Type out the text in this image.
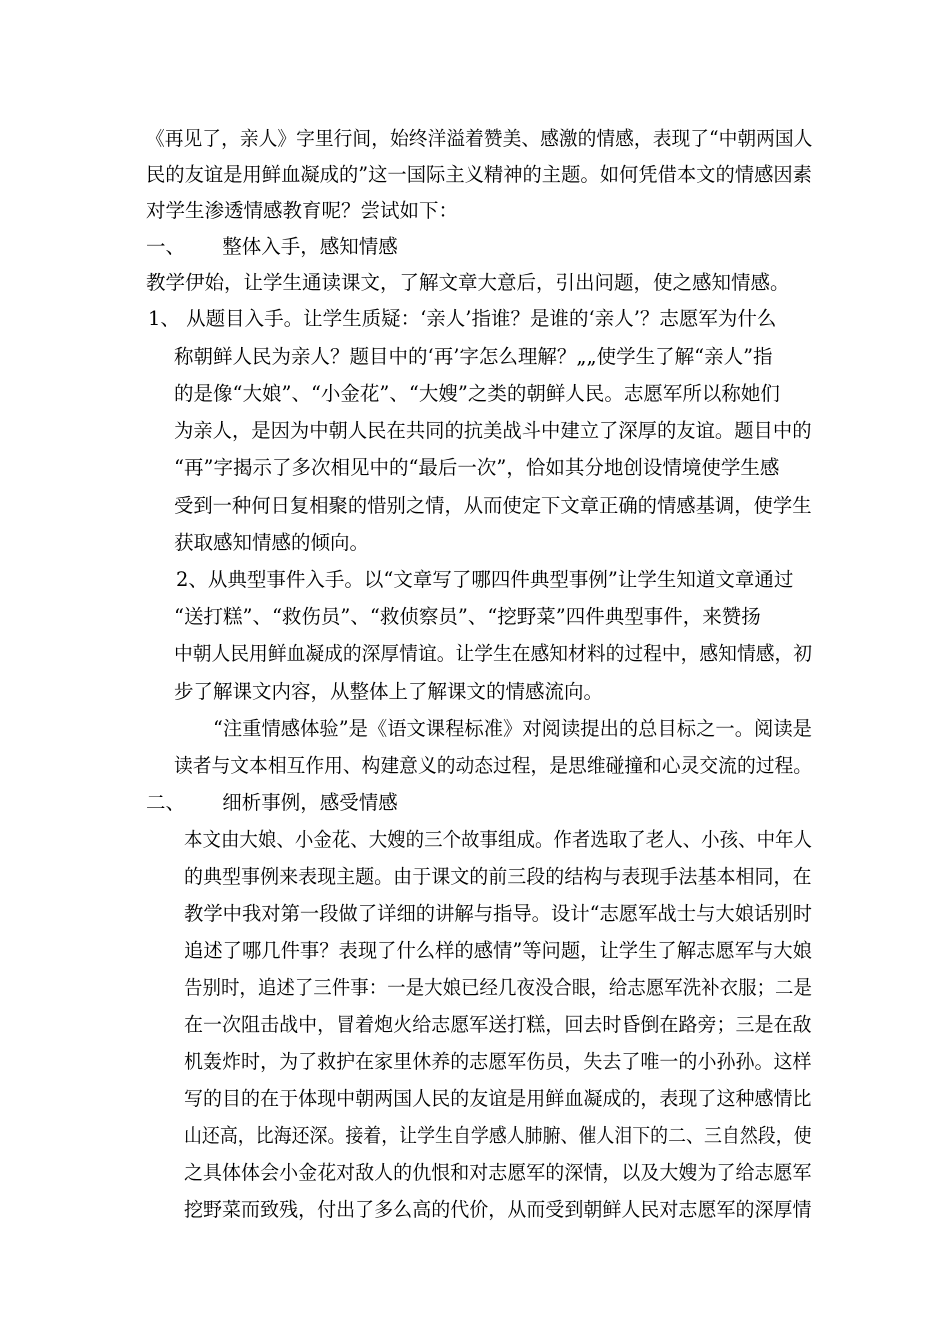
《再见了，亲人》字里行间，始终洋溢着赞美、感激的情感，表现了“中朝两国人
民的友谊是用鲜血凝成的”这一国际主义精神的主题。如何凭借本文的情感因素
对学生渗透情感教育呢？尝试如下：
一、      整体入手，感知情感
教学伊始，让学生通读课文，了解文章大意后，引出问题，使之感知情感。
1、 从题目入手。让学生质疑：‘亲人’指谁？是谁的‘亲人’？志愿军为什么
称朝鲜人民为亲人？题目中的‘再’字怎么理解？„„使学生了解“亲人”指
的是像“大娘”、“小金花”、“大嫂”之类的朝鲜人民。志愿军所以称她们
为亲人，是因为中朝人民在共同的抗美战斗中建立了深厚的友谊。题目中的
“再”字揭示了多次相见中的“最后一次”，恰如其分地创设情境使学生感
受到一种何日复相聚的惜别之情，从而使定下文章正确的情感基调，使学生
获取感知情感的倾向。
2、从典型事件入手。以“文章写了哪四件典型事例”让学生知道文章通过
“送打糕”、“救伤员”、“救侦察员”、“挖野菜”四件典型事件，来赞扬
中朝人民用鲜血凝成的深厚情谊。让学生在感知材料的过程中，感知情感，初
步了解课文内容，从整体上了解课文的情感流向。
“注重情感体验”是《语文课程标准》对阅读提出的总目标之一。阅读是
读者与文本相互作用、构建意义的动态过程，是思维碰撞和心灵交流的过程。
二、      细析事例，感受情感
本文由大娘、小金花、大嫂的三个故事组成。作者选取了老人、小孩、中年人
的典型事例来表现主题。由于课文的前三段的结构与表现手法基本相同，在
教学中我对第一段做了详细的讲解与指导。设计“志愿军战士与大娘话别时
追述了哪几件事？表现了什么样的感情”等问题，让学生了解志愿军与大娘
告别时，追述了三件事：一是大娘已经几夜没合眼，给志愿军洗补衣服；二是
在一次阻击战中，冒着炮火给志愿军送打糕，回去时昏倒在路旁；三是在敌
机轰炸时，为了救护在家里休养的志愿军伤员，失去了唯一的小孙孙。这样
写的目的在于体现中朝两国人民的友谊是用鲜血凝成的，表现了这种感情比
山还高，比海还深。接着，让学生自学感人肺腑、催人泪下的二、三自然段，使
之具体体会小金花对敌人的仇恨和对志愿军的深情，以及大嫂为了给志愿军
挖野菜而致残，付出了多么高的代价，从而受到朝鲜人民对志愿军的深厚情
